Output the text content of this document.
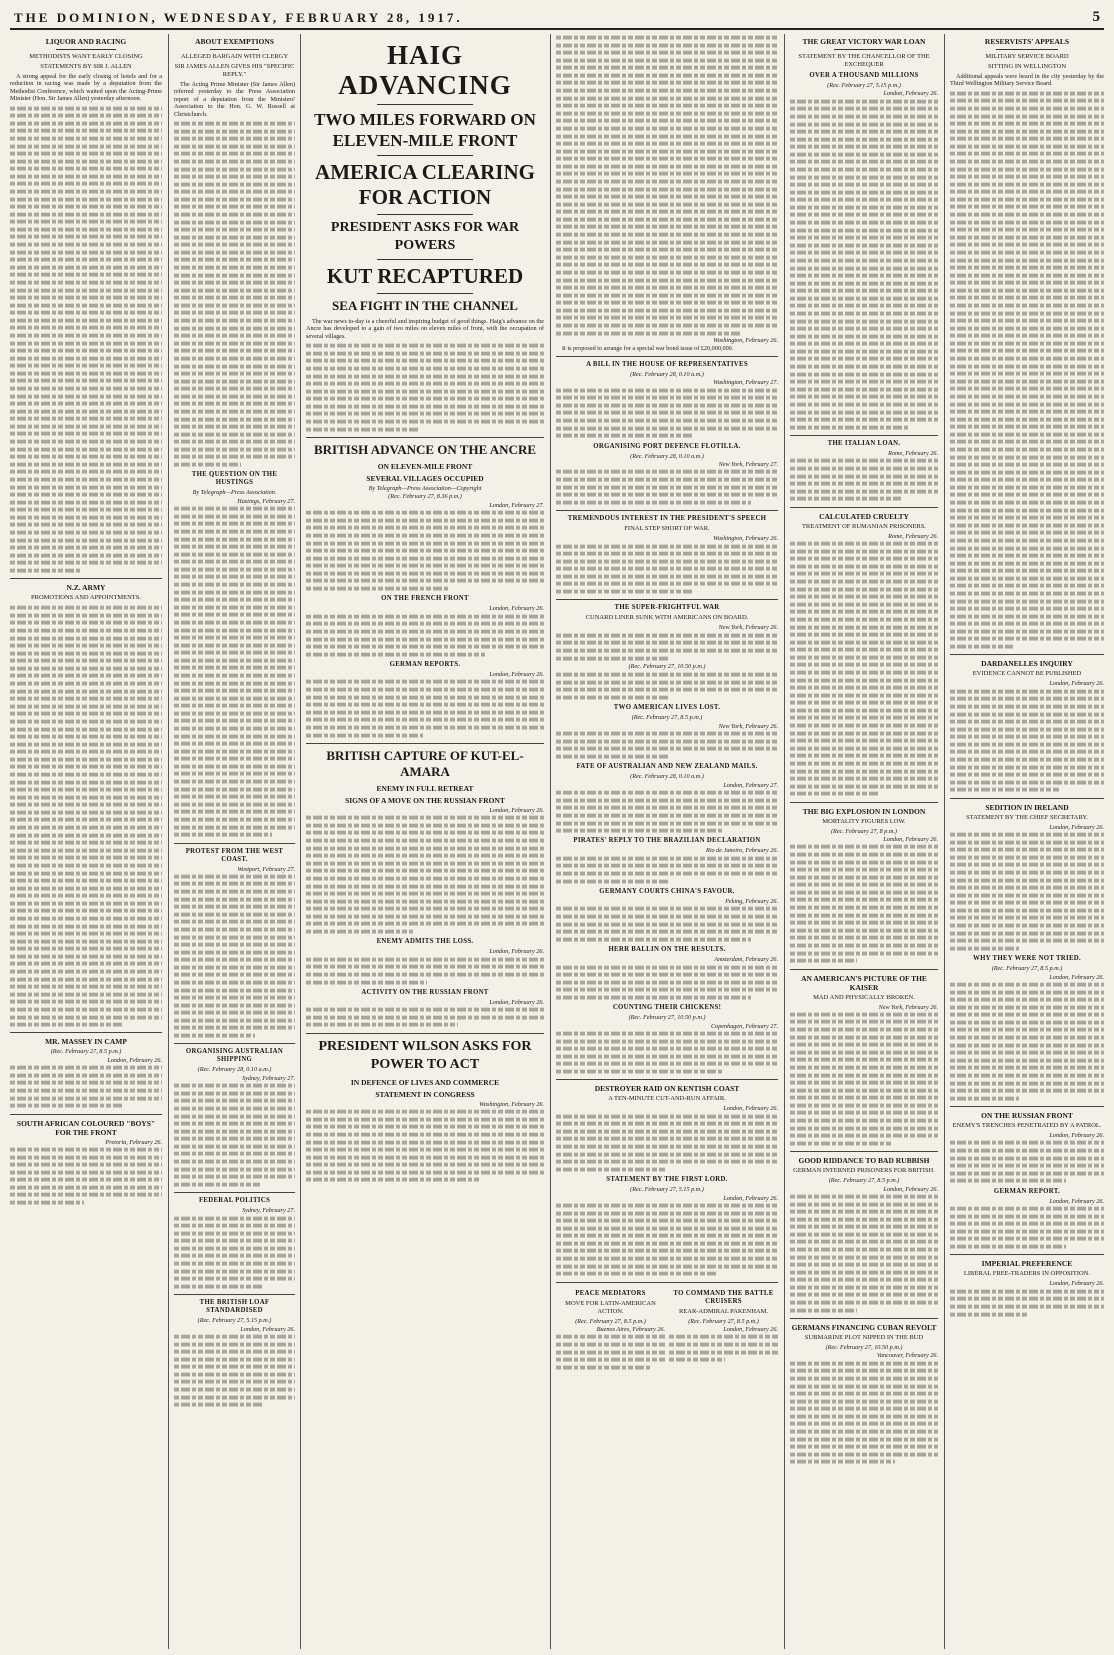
THE DOMINION, WEDNESDAY, FEBRUARY 28, 1917.	5
LIQUOR AND RACING
METHODISTS WANT EARLY CLOSING
STATEMENTS BY SIR J. ALLEN

A strong appeal for the early closing of hotels and for a reduction in racing was made by a deputation from the Methodist Conference, which waited upon the Acting-Prime Minister (Hon. Sir James Allen) yesterday afternoon.

N.Z. ARMY
PROMOTIONS AND APPOINTMENTS.
MR. MASSEY IN CAMP
(Rec. February 27, 8.5 p.m.)
London, February 26.
SOUTH AFRICAN COLOURED "BOYS" FOR THE FRONT
Pretoria, February 26.
ABOUT EXEMPTIONS
ALLEGED BARGAIN WITH CLERGY
SIR JAMES ALLEN GIVES HIS "SPECIFIC REPLY."

The Acting Prime Minister (Sir James Allen) referred yesterday to the Press Association report of a deputation from the Ministers' Association to the Hon. G. W. Russell at Christchurch.

THE QUESTION ON THE HUSTINGS
By Telegraph—Press Association.
Hastings, February 27.
PROTEST FROM THE WEST COAST.
Westport, February 27.
ORGANISING AUSTRALIAN SHIPPING
(Rec. February 28, 0.10 a.m.)
Sydney, February 27.
FEDERAL POLITICS
Sydney, February 27.
THE BRITISH LOAF STANDARDISED
(Rec. February 27, 5.15 p.m.)
London, February 26.
HAIG ADVANCING
TWO MILES FORWARD ON ELEVEN-MILE FRONT
AMERICA CLEARING FOR ACTION
PRESIDENT ASKS FOR WAR POWERS
KUT RECAPTURED
SEA FIGHT IN THE CHANNEL

The war news to-day is a cheerful and inspiring budget of good things. Haig's advance on the Ancre has developed to a gain of two miles on eleven miles of front, with the occupation of several villages.

BRITISH ADVANCE ON THE ANCRE
ON ELEVEN-MILE FRONT
SEVERAL VILLAGES OCCUPIED
By Telegraph—Press Association—Copyright
(Rec. February 27, 8.36 p.m.)
London, February 27.
ON THE FRENCH FRONT
London, February 26.
GERMAN REPORTS.
London, February 26.
BRITISH CAPTURE OF KUT-EL-AMARA
ENEMY IN FULL RETREAT
SIGNS OF A MOVE ON THE RUSSIAN FRONT
London, February 26.
ENEMY ADMITS THE LOSS.
London, February 26.
ACTIVITY ON THE RUSSIAN FRONT
London, February 26.
PRESIDENT WILSON ASKS FOR POWER TO ACT
IN DEFENCE OF LIVES AND COMMERCE
STATEMENT IN CONGRESS
Washington, February 26.
Washington, February 26.

It is proposed to arrange for a special war bond issue of £20,000,000.

A BILL IN THE HOUSE OF REPRESENTATIVES
(Rec. February 28, 0.10 a.m.)
Washington, February 27.
ORGANISING PORT DEFENCE FLOTILLA.
(Rec. February 28, 0.10 a.m.)
New York, February 27.
TREMENDOUS INTEREST IN THE PRESIDENT'S SPEECH
FINAL STEP SHORT OF WAR.
Washington, February 26.
THE SUPER-FRIGHTFUL WAR
CUNARD LINER SUNK WITH AMERICANS ON BOARD.
New York, February 26.
(Rec. February 27, 10.50 p.m.)
TWO AMERICAN LIVES LOST.
(Rec. February 27, 8.5 p.m.)
New York, February 26.
FATE OF AUSTRALIAN AND NEW ZEALAND MAILS.
(Rec. February 28, 0.10 a.m.)
London, February 27.
PIRATES' REPLY TO THE BRAZILIAN DECLARATION
Rio de Janeiro, February 26.
GERMANY COURTS CHINA'S FAVOUR.
Peking, February 26.
HERR BALLIN ON THE RESULTS.
Amsterdam, February 26.
COUNTING THEIR CHICKENS!
(Rec. February 27, 10.50 p.m.)
Copenhagen, February 27.
DESTROYER RAID ON KENTISH COAST
A TEN-MINUTE CUT-AND-RUN AFFAIR.
London, February 26.
STATEMENT BY THE FIRST LORD.
(Rec. February 27, 5.15 p.m.)
London, February 26.
PEACE MEDIATORS
MOVE FOR LATIN-AMERICAN ACTION.
(Rec. February 27, 8.5 p.m.)
Buenos Aires, February 26.
TO COMMAND THE BATTLE CRUISERS
REAR-ADMIRAL PAKENHAM.
(Rec. February 27, 8.5 p.m.)
London, February 26.
THE GREAT VICTORY WAR LOAN
STATEMENT BY THE CHANCELLOR OF THE EXCHEQUER
OVER A THOUSAND MILLIONS
(Rec. February 27, 5.15 p.m.)
London, February 26.
THE ITALIAN LOAN.
Rome, February 26.
CALCULATED CRUELTY
TREATMENT OF RUMANIAN PRISONERS.
Rome, February 26.
THE BIG EXPLOSION IN LONDON
MORTALITY FIGURES LOW.
(Rec. February 27, 8 p.m.)
London, February 26.
AN AMERICAN'S PICTURE OF THE KAISER
MAD AND PHYSICALLY BROKEN.
New York, February 26.
GOOD RIDDANCE TO BAD RUBBISH
GERMAN INTERNED PRISONERS FOR BRITISH.
(Rec. February 27, 8.5 p.m.)
London, February 26.
GERMANS FINANCING CUBAN REVOLT
SUBMARINE PLOT NIPPED IN THE BUD
(Rec. February 27, 10.50 p.m.)
Vancouver, February 26.
RESERVISTS' APPEALS
MILITARY SERVICE BOARD
SITTING IN WELLINGTON

Additional appeals were heard in the city yesterday by the Third Wellington Military Service Board.

DARDANELLES INQUIRY
EVIDENCE CANNOT BE PUBLISHED
London, February 26.
SEDITION IN IRELAND
STATEMENT BY THE CHIEF SECRETARY.
London, February 26.
WHY THEY WERE NOT TRIED.
(Rec. February 27, 8.5 p.m.)
London, February 26.
ON THE RUSSIAN FRONT
ENEMY'S TRENCHES PENETRATED BY A PATROL.
London, February 26.
GERMAN REPORT.
London, February 26.
IMPERIAL PREFERENCE
LIBERAL FREE-TRADERS IN OPPOSITION.
London, February 26.
